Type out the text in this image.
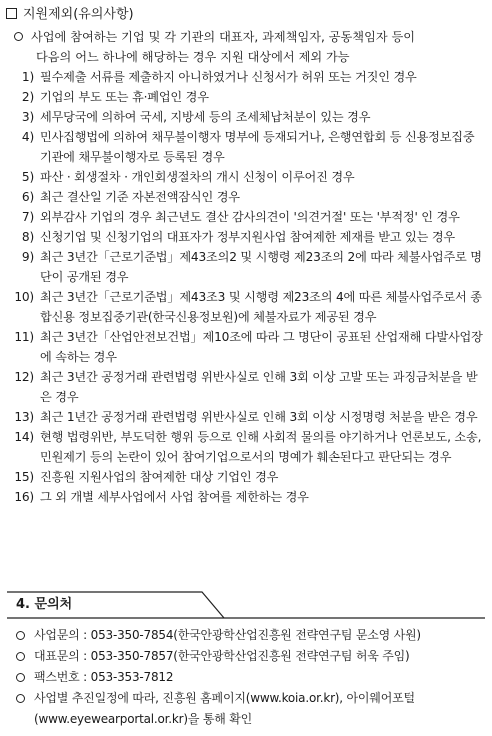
지원제외(유의사항)
사업에 참여하는 기업 및 각 기관의 대표자, 과제책임자, 공동책임자 등이
다음의 어느 하나에 해당하는 경우 지원 대상에서 제외 가능
1) 필수제출 서류를 제출하지 아니하였거나 신청서가 허위 또는 거짓인 경우
2) 기업의 부도 또는 휴·폐업인 경우
3) 세무당국에 의하여 국세, 지방세 등의 조세체납처분이 있는 경우
4) 민사집행법에 의하여 채무불이행자 명부에 등재되거나, 은행연합회 등 신용정보집중기관에 채무불이행자로 등록된 경우
5) 파산 · 회생절차 · 개인회생절차의 개시 신청이 이루어진 경우
6) 최근 결산일 기준 자본전액잠식인 경우
7) 외부감사 기업의 경우 최근년도 결산 감사의견이 '의견거절' 또는 '부적정' 인 경우
8) 신청기업 및 신청기업의 대표자가 정부지원사업 참여제한 제재를 받고 있는 경우
9) 최근 3년간「근로기준법」제43조의2 및 시행령 제23조의 2에 따라 체불사업주로 명단이 공개된 경우
10) 최근 3년간「근로기준법」제43조3 및 시행령 제23조의 4에 따른 체불사업주로서 종합신용 정보집중기관(한국신용정보원)에 체불자료가 제공된 경우
11) 최근 3년간「산업안전보건법」제10조에 따라 그 명단이 공표된 산업재해 다발사업장에 속하는 경우
12) 최근 3년간 공정거래 관련법령 위반사실로 인해 3회 이상 고발 또는 과징금처분을 받은 경우
13) 최근 1년간 공정거래 관련법령 위반사실로 인해 3회 이상 시정명령 처분을 받은 경우
14) 현행 법령위반, 부도덕한 행위 등으로 인해 사회적 물의를 야기하거나 언론보도, 소송, 민원제기 등의 논란이 있어 참여기업으로서의 명예가 훼손된다고 판단되는 경우
15) 진흥원 지원사업의 참여제한 대상 기업인 경우
16) 그 외 개별 세부사업에서 사업 참여를 제한하는 경우
4. 문의처
사업문의 : 053-350-7854(한국안광학산업진흥원 전략연구팀 문소영 사원)
대표문의 : 053-350-7857(한국안광학산업진흥원 전략연구팀 허욱 주임)
팩스번호 : 053-353-7812
사업별 추진일정에 따라, 진흥원 홈페이지(www.koia.or.kr), 아이웨어포털(www.eyewearportal.or.kr)을 통해 확인
